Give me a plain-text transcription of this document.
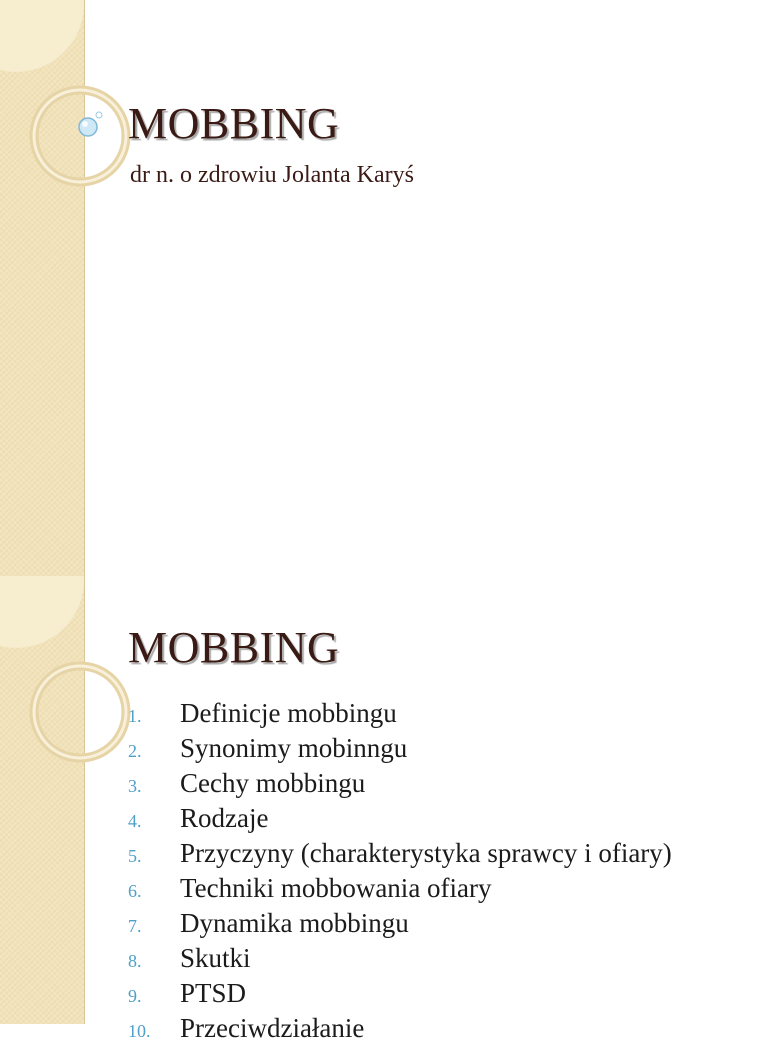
MOBBING

dr n. o zdrowiu Jolanta Karyś

MOBBING
1.	Definicje mobbingu
2.	Synonimy mobinngu
3.	Cechy mobbingu
4.	Rodzaje
5.	Przyczyny (charakterystyka sprawcy i ofiary)
6.	Techniki mobbowania ofiary
7.	Dynamika mobbingu
8.	Skutki
9.	PTSD
10.	Przeciwdziałanie
